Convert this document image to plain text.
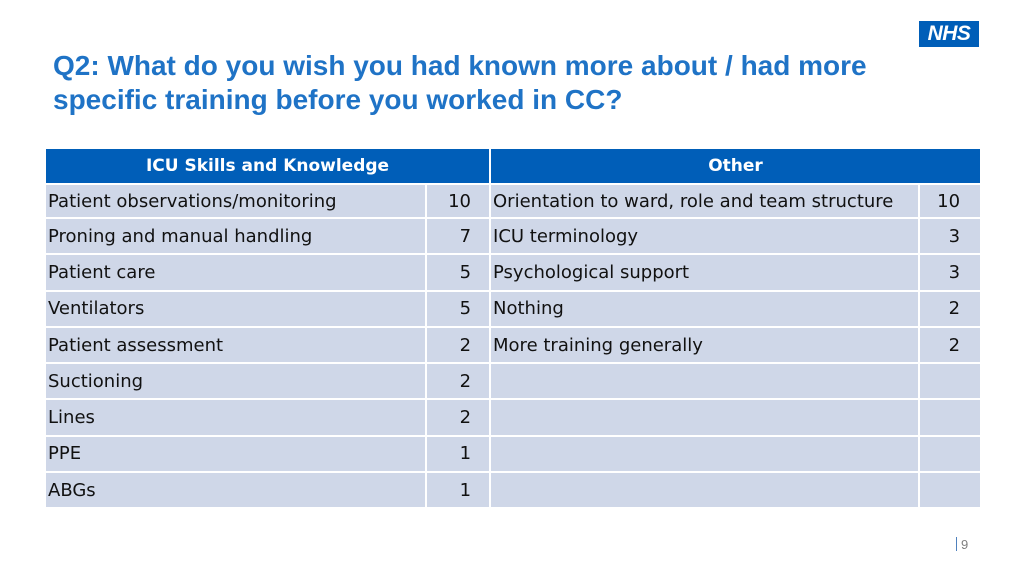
NHS
Q2: What do you wish you had known more about / had more specific training before you worked in CC?
ICU Skills and Knowledge		Other	
Patient observations/monitoring	10	Orientation to ward, role and team structure	10
Proning and manual handling	7	ICU terminology	3
Patient care	5	Psychological support	3
Ventilators	5	Nothing	2
Patient assessment	2	More training generally	2
Suctioning	2		
Lines	2		
PPE	1		
ABGs	1		
9
